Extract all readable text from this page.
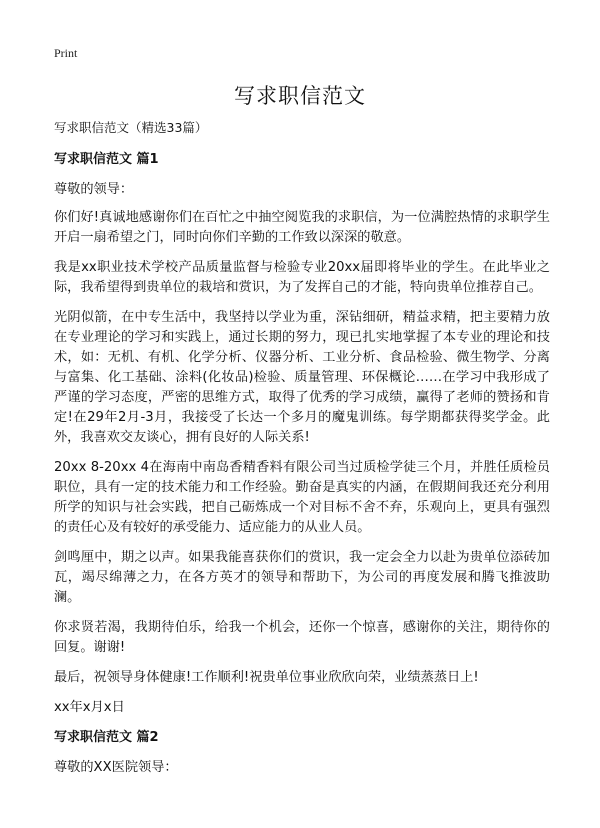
Print
写求职信范文

写求职信范文（精选33篇）

写求职信范文 篇1

尊敬的领导：

你们好!真诚地感谢你们在百忙之中抽空阅览我的求职信，为一位满腔热情的求职学生开启一扇希望之门，同时向你们辛勤的工作致以深深的敬意。

我是xx职业技术学校产品质量监督与检验专业20xx届即将毕业的学生。在此毕业之际，我希望得到贵单位的栽培和赏识，为了发挥自己的才能，特向贵单位推荐自己。

光阴似箭，在中专生活中，我坚持以学业为重，深钻细研，精益求精，把主要精力放在专业理论的学习和实践上，通过长期的努力，现已扎实地掌握了本专业的理论和技术，如：无机、有机、化学分析、仪器分析、工业分析、食品检验、微生物学、分离与富集、化工基础、涂料(化妆品)检验、质量管理、环保概论……在学习中我形成了严谨的学习态度，严密的思维方式，取得了优秀的学习成绩，赢得了老师的赞扬和肯定!在29年2月-3月，我接受了长达一个多月的魔鬼训练。每学期都获得奖学金。此外，我喜欢交友谈心，拥有良好的人际关系!

20xx 8-20xx 4在海南中南岛香精香料有限公司当过质检学徒三个月，并胜任质检员职位，具有一定的技术能力和工作经验。勤奋是真实的内涵，在假期间我还充分利用所学的知识与社会实践，把自己砺炼成一个对目标不舍不弃，乐观向上，更具有强烈的责任心及有较好的承受能力、适应能力的从业人员。

剑鸣厘中，期之以声。如果我能喜获你们的赏识，我一定会全力以赴为贵单位添砖加瓦，竭尽绵薄之力，在各方英才的领导和帮助下，为公司的再度发展和腾飞推波助澜。

你求贤若渴，我期待伯乐，给我一个机会，还你一个惊喜，感谢你的关注，期待你的回复。谢谢!

最后，祝领导身体健康!工作顺利!祝贵单位事业欣欣向荣，业绩蒸蒸日上!

xx年x月x日

写求职信范文 篇2

尊敬的XX医院领导：
